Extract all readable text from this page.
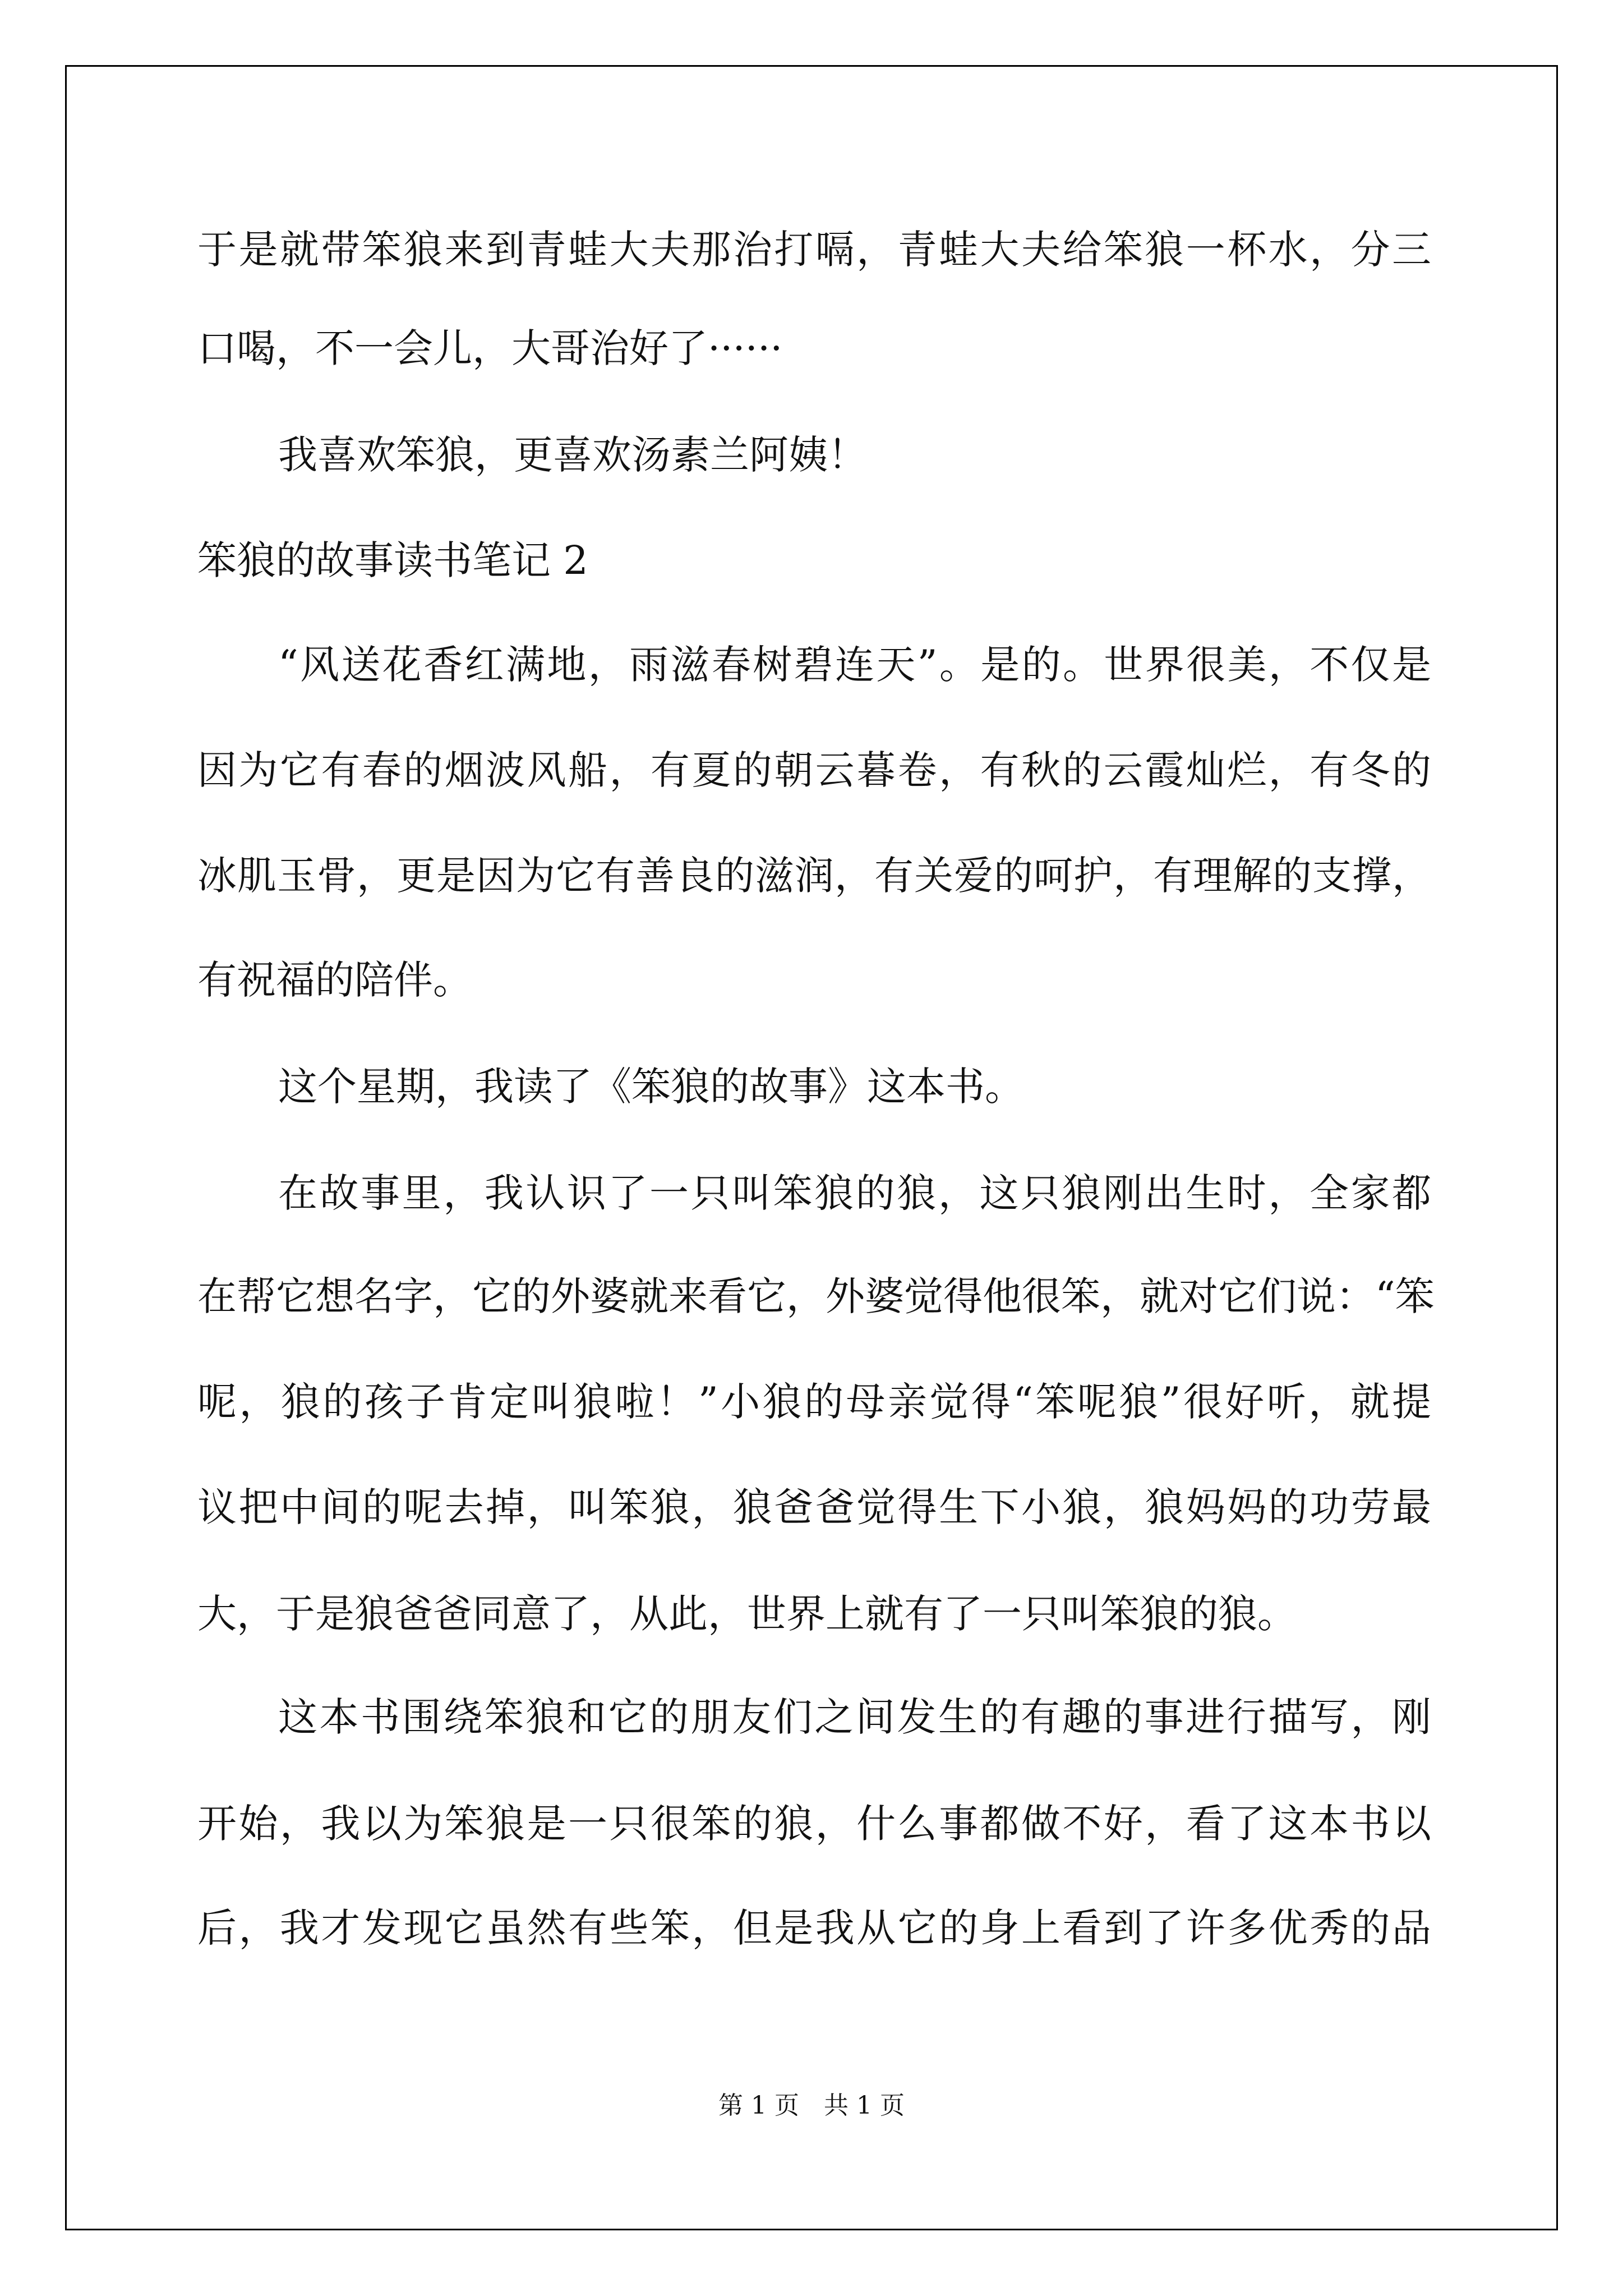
于是就带笨狼来到青蛙大夫那治打嗝，青蛙大夫给笨狼一杯水，分三

口喝，不一会儿，大哥治好了······

我喜欢笨狼，更喜欢汤素兰阿姨！

笨狼的故事读书笔记 2

“风送花香红满地，雨滋春树碧连天”。是的。世界很美，不仅是

因为它有春的烟波风船，有夏的朝云暮卷，有秋的云霞灿烂，有冬的

冰肌玉骨，更是因为它有善良的滋润，有关爱的呵护，有理解的支撑，

有祝福的陪伴。

这个星期，我读了《笨狼的故事》这本书。

在故事里，我认识了一只叫笨狼的狼，这只狼刚出生时，全家都

在帮它想名字，它的外婆就来看它，外婆觉得他很笨，就对它们说：“笨

呢，狼的孩子肯定叫狼啦！”小狼的母亲觉得“笨呢狼”很好听，就提

议把中间的呢去掉，叫笨狼，狼爸爸觉得生下小狼，狼妈妈的功劳最

大，于是狼爸爸同意了，从此，世界上就有了一只叫笨狼的狼。

这本书围绕笨狼和它的朋友们之间发生的有趣的事进行描写，刚

开始，我以为笨狼是一只很笨的狼，什么事都做不好，看了这本书以

后，我才发现它虽然有些笨，但是我从它的身上看到了许多优秀的品

第 1 页　共 1 页
